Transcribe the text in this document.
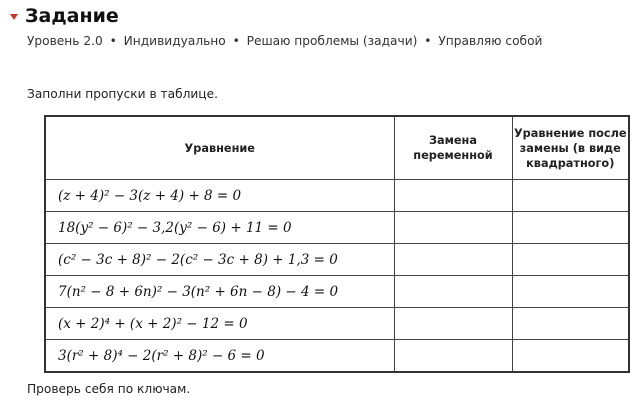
Задание
Уровень 2.0 • Индивидуально • Решаю проблемы (задачи) • Управляю собой
Заполни пропуски в таблице.
Уравнение	Замена переменной	Уравнение после замены (в виде квадратного)
(z + 4)² − 3(z + 4) + 8 = 0		
18(y² − 6)² − 3,2(y² − 6) + 11 = 0		
(c² − 3c + 8)² − 2(c² − 3c + 8) + 1,3 = 0		
7(n² − 8 + 6n)² − 3(n² + 6n − 8) − 4 = 0		
(x + 2)⁴ + (x + 2)² − 12 = 0		
3(r² + 8)⁴ − 2(r² + 8)² − 6 = 0		
Проверь себя по ключам.
